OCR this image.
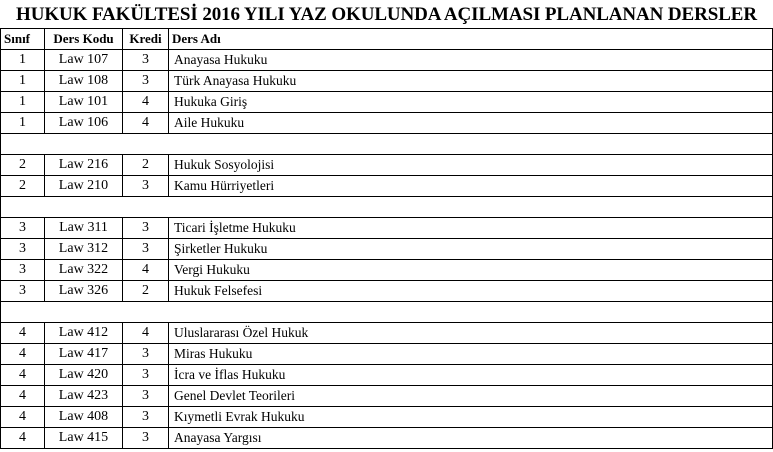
HUKUK FAKÜLTESİ 2016 YILI YAZ OKULUNDA AÇILMASI PLANLANAN DERSLER
Sınıf	Ders Kodu	Kredi	Ders Adı
1	Law 107	3	Anayasa Hukuku
1	Law 108	3	Türk Anayasa Hukuku
1	Law 101	4	Hukuka Giriş
1	Law 106	4	Aile Hukuku

2	Law 216	2	Hukuk Sosyolojisi
2	Law 210	3	Kamu Hürriyetleri

3	Law 311	3	Ticari İşletme Hukuku
3	Law 312	3	Şirketler Hukuku
3	Law 322	4	Vergi Hukuku
3	Law 326	2	Hukuk Felsefesi

4	Law 412	4	Uluslararası Özel Hukuk
4	Law 417	3	Miras Hukuku
4	Law 420	3	İcra ve İflas Hukuku
4	Law 423	3	Genel Devlet Teorileri
4	Law 408	3	Kıymetli Evrak Hukuku
4	Law 415	3	Anayasa Yargısı
